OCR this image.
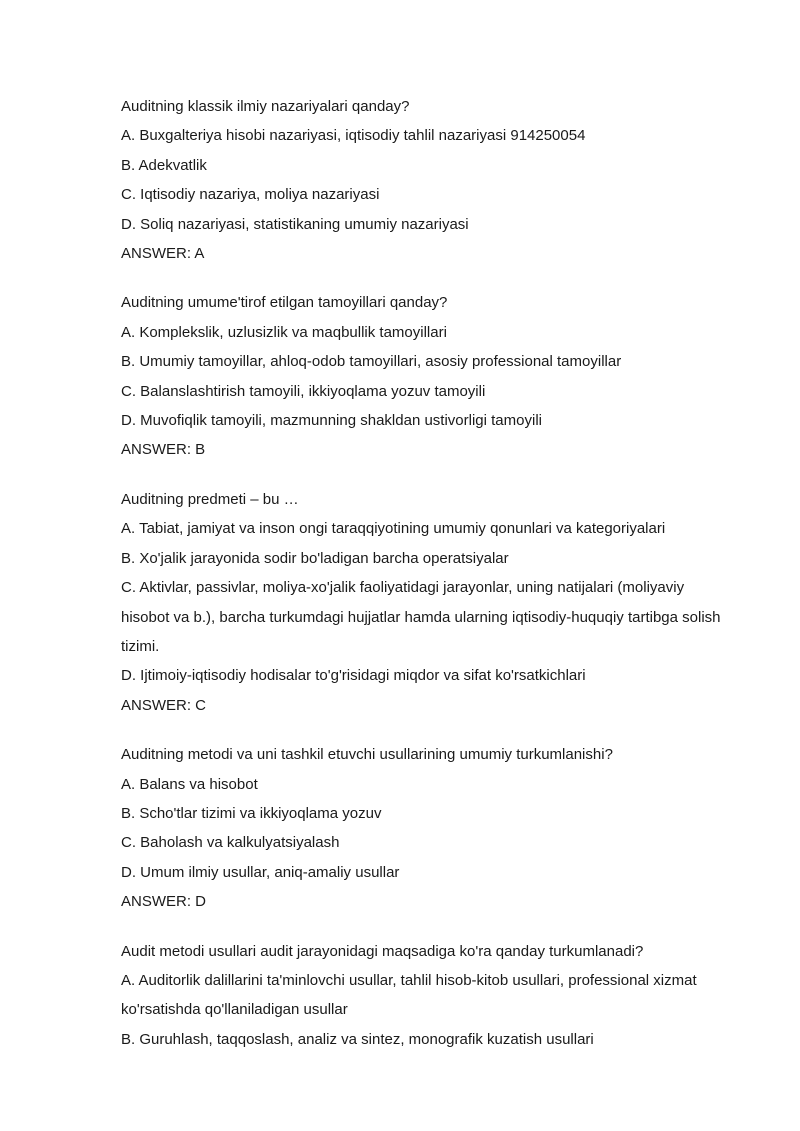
Auditning klassik ilmiy nazariyalari qanday?

A. Buxgalteriya hisobi nazariyasi, iqtisodiy tahlil nazariyasi 914250054

B. Adekvatlik

C. Iqtisodiy nazariya, moliya nazariyasi

D. Soliq nazariyasi, statistikaning umumiy nazariyasi

ANSWER: A

Auditning umume'tirof etilgan tamoyillari qanday?

A. Komplekslik, uzlusizlik va maqbullik tamoyillari

B. Umumiy tamoyillar, ahloq-odob tamoyillari, asosiy professional tamoyillar

C. Balanslashtirish tamoyili, ikkiyoqlama yozuv tamoyili

D. Muvofiqlik tamoyili, mazmunning shakldan ustivorligi tamoyili

ANSWER: B

Auditning predmeti – bu …

A. Tabiat, jamiyat va inson ongi taraqqiyotining umumiy qonunlari va kategoriyalari

B. Xo'jalik jarayonida sodir bo'ladigan barcha operatsiyalar

C. Aktivlar, passivlar, moliya-xo'jalik faoliyatidagi jarayonlar, uning natijalari (moliyaviy hisobot va b.), barcha turkumdagi hujjatlar hamda ularning iqtisodiy-huquqiy tartibga solish tizimi.

D. Ijtimoiy-iqtisodiy hodisalar to'g'risidagi miqdor va sifat ko'rsatkichlari

ANSWER: C

Auditning metodi va uni tashkil etuvchi usullarining umumiy turkumlanishi?

A. Balans va hisobot

B. Scho'tlar tizimi va ikkiyoqlama yozuv

C. Baholash va kalkulyatsiyalash

D. Umum ilmiy usullar, aniq-amaliy usullar

ANSWER: D

Audit metodi usullari audit jarayonidagi maqsadiga ko'ra qanday turkumlanadi?

A. Auditorlik dalillarini ta'minlovchi usullar, tahlil hisob-kitob usullari, professional xizmat ko'rsatishda qo'llaniladigan usullar

B. Guruhlash, taqqoslash, analiz va sintez, monografik kuzatish usullari
